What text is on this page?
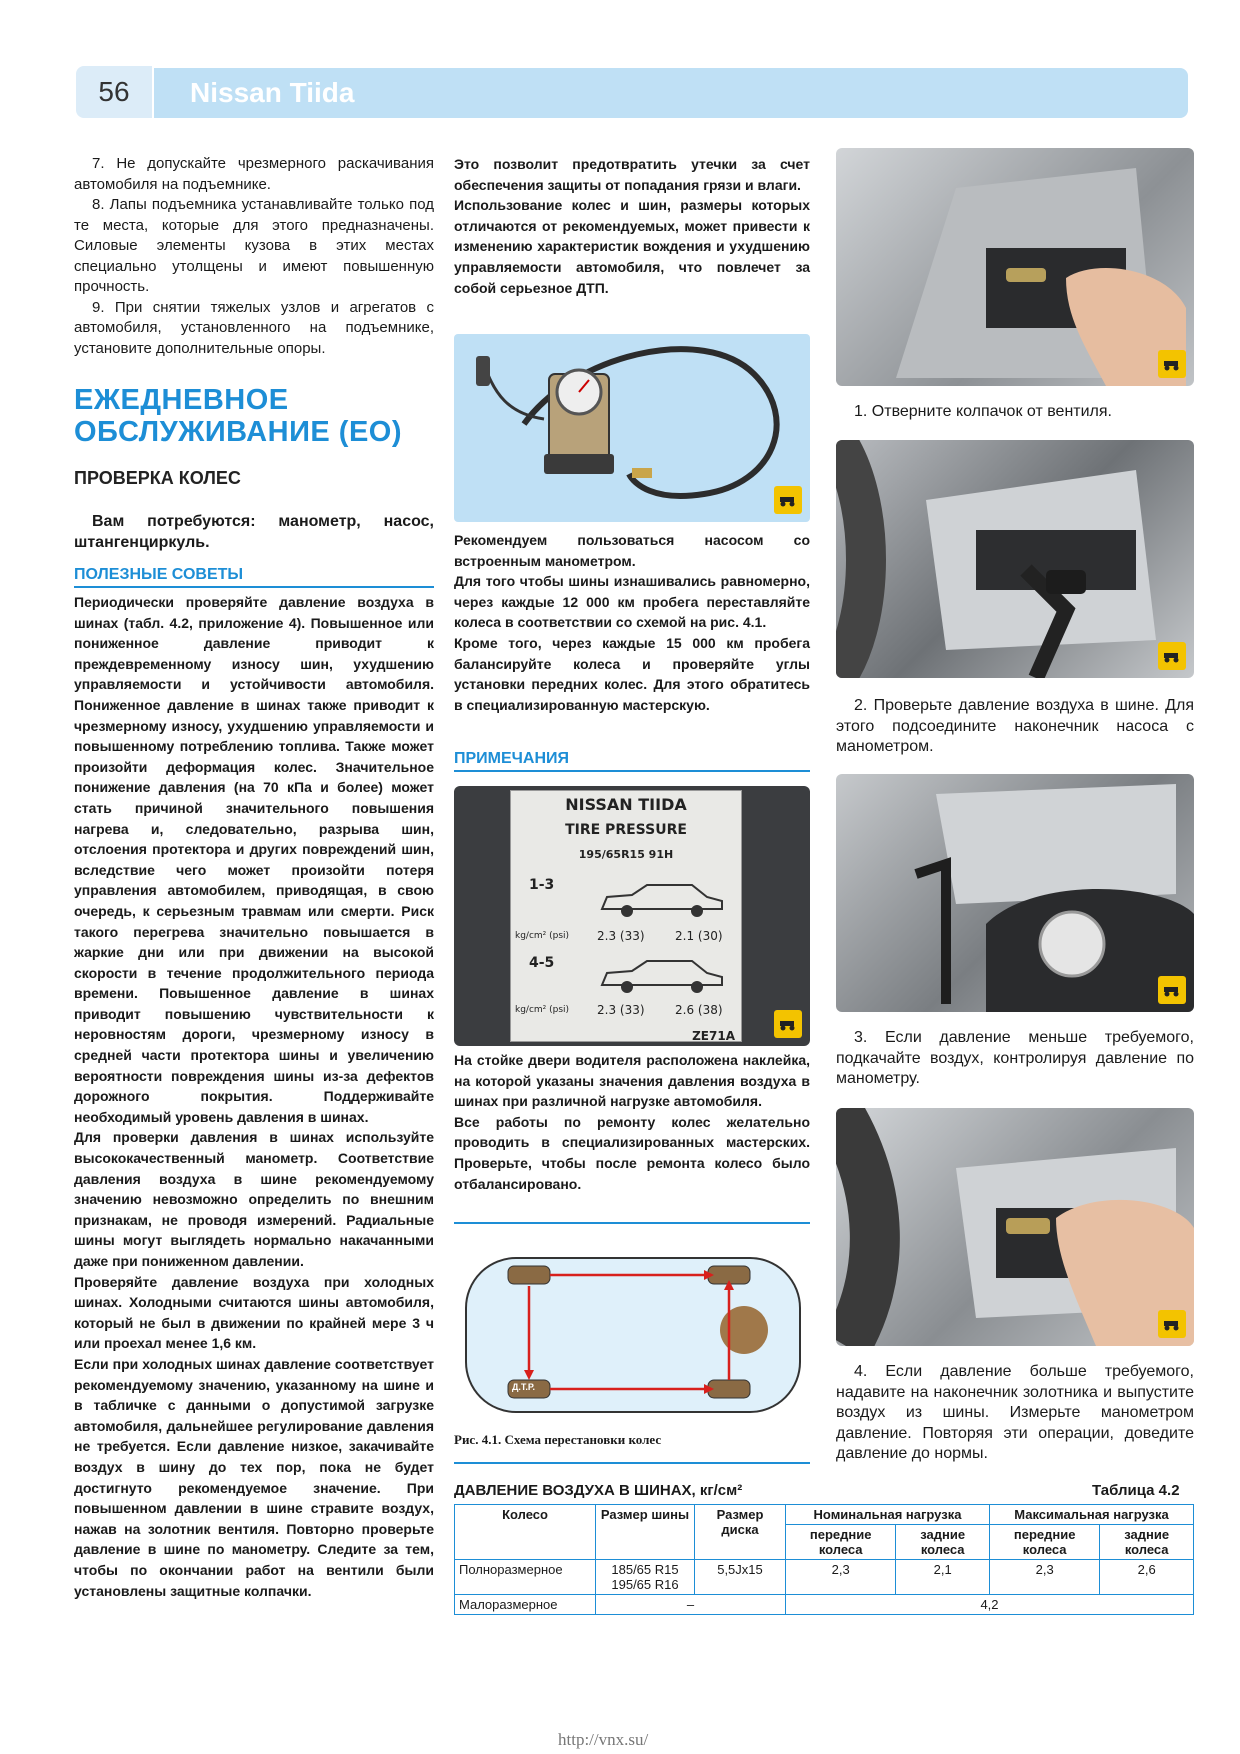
56	Nissan Tiida

7. Не допускайте чрезмерного раскачивания автомобиля на подъемнике.

8. Лапы подъемника устанавливайте только под те места, которые для этого предназначены. Силовые элементы кузова в этих местах специально утолщены и имеют повышенную прочность.

9. При снятии тяжелых узлов и агрегатов с автомобиля, установленного на подъемнике, установите дополнительные опоры.

ЕЖЕДНЕВНОЕ
ОБСЛУЖИВАНИЕ (ЕО)
ПРОВЕРКА КОЛЕС

Вам потребуются: манометр, насос, штангенциркуль.

ПОЛЕЗНЫЕ СОВЕТЫ

Периодически проверяйте давление воздуха в шинах (табл. 4.2, приложение 4). Повышенное или пониженное давление приводит к преждевременному износу шин, ухудшению управляемости и устойчивости автомобиля. Пониженное давление в шинах также приводит к чрезмерному износу, ухудшению управляемости и повышенному потреблению топлива. Также может произойти деформация колес. Значительное понижение давления (на 70 кПа и более) может стать причиной значительного повышения нагрева и, следовательно, разрыва шин, отслоения протектора и других повреждений шин, вследствие чего может произойти потеря управления автомобилем, приводящая, в свою очередь, к серьезным травмам или смерти. Риск такого перегрева значительно повышается в жаркие дни или при движении на высокой скорости в течение продолжительного периода времени. Повышенное давление в шинах приводит повышению чувствительности к неровностям дороги, чрезмерному износу в средней части протектора шины и увеличению вероятности повреждения шины из-за дефектов дорожного покрытия. Поддерживайте необходимый уровень давления в шинах.

Для проверки давления в шинах используйте высококачественный манометр. Соответствие давления воздуха в шине рекомендуемому значению невозможно определить по внешним признакам, не проводя измерений. Радиальные шины могут выглядеть нормально накачанными даже при пониженном давлении.

Проверяйте давление воздуха при холодных шинах. Холодными считаются шины автомобиля, который не был в движении по крайней мере 3 ч или проехал менее 1,6 км.

Если при холодных шинах давление соответствует рекомендуемому значению, указанному на шине и в табличке с данными о допустимой загрузке автомобиля, дальнейшее регулирование давления не требуется. Если давление низкое, закачивайте воздух в шину до тех пор, пока не будет достигнуто рекомендуемое значение. При повышенном давлении в шине стравите воздух, нажав на золотник вентиля. Повторно проверьте давление в шине по манометру. Следите за тем, чтобы по окончании работ на вентили были установлены защитные колпачки.

Это позволит предотвратить утечки за счет обеспечения защиты от попадания грязи и влаги.

Использование колес и шин, размеры которых отличаются от рекомендуемых, может привести к изменению характеристик вождения и ухудшению управляемости автомобиля, что повлечет за собой серьезное ДТП.

Рекомендуем пользоваться насосом со встроенным манометром.

Для того чтобы шины изнашивались равномерно, через каждые 12 000 км пробега переставляйте колеса в соответствии со схемой на рис. 4.1.

Кроме того, через каждые 15 000 км пробега балансируйте колеса и проверяйте углы установки передних колес. Для этого обратитесь в специализированную мастерскую.

ПРИМЕЧАНИЯ
NISSAN TIIDA
TIRE PRESSURE
195/65R15 91H
1-3
kg/cm² (psi) 2.3 (33)	2.1 (30)
4-5
kg/cm² (psi) 2.3 (33)	2.6 (38)
ZE71A

На стойке двери водителя расположена наклейка, на которой указаны значения давления воздуха в шинах при различной нагрузке автомобиля.

Все работы по ремонту колес желательно проводить в специализированных мастерских. Проверьте, чтобы после ремонта колесо было отбалансировано.

Д.Т.Р.
Рис. 4.1. Схема перестановки колес

1. Отверните колпачок от вентиля.

2. Проверьте давление воздуха в шине. Для этого подсоедините наконечник насоса с манометром.

3. Если давление меньше требуемого, подкачайте воздух, контролируя давление по манометру.

4. Если давление больше требуемого, надавите на наконечник золотника и выпустите воздух из шины. Измерьте манометром давление. Повторяя эти операции, доведите давление до нормы.

ДАВЛЕНИЕ ВОЗДУХА В ШИНАХ, кг/см²	Таблица 4.2
Колесо	Размер шины	Размер диска	Номинальная нагрузка		Максимальная нагрузка	
			передние колеса	задние колеса	передние колеса	задние колеса
Полноразмерное	185/65 R15
195/65 R16	5,5Jx15	2,3	2,1	2,3	2,6
Малоразмерное	–		4,2			
http://vnx.su/
